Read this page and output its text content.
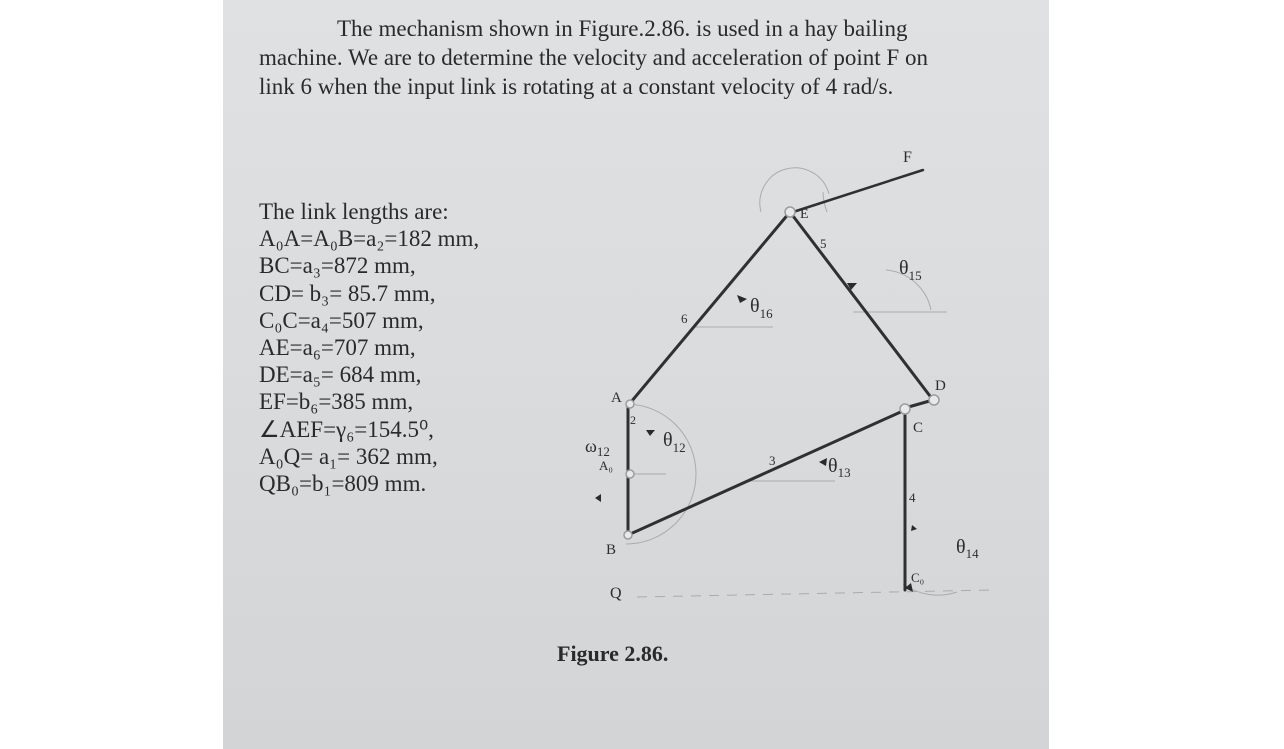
The mechanism shown in Figure.2.86. is used in a hay bailing
machine. We are to determine the velocity and acceleration of point F on
link 6 when the input link is rotating at a constant velocity of 4 rad/s.
The link lengths are:
A₀A=A₀B=a₂=182 mm,
BC=a₃=872 mm,
CD= b₃= 85.7 mm,
C₀C=a₄=507 mm,
AE=a₆=707 mm,
DE=a₅= 684 mm,
EF=b₆=385 mm,
∠AEF=γ₆=154.5⁰,
A₀Q= a₁= 362 mm,
QB₀=b₁=809 mm.
F
E
D
C
A
B
Q
A₀
C₀
2
3
4
5
6
$\omega_{12}$
$\theta_{12}$
$\theta_{13}$
$\theta_{14}$
$\theta_{15}$
$\theta_{16}$
Figure 2.86.
